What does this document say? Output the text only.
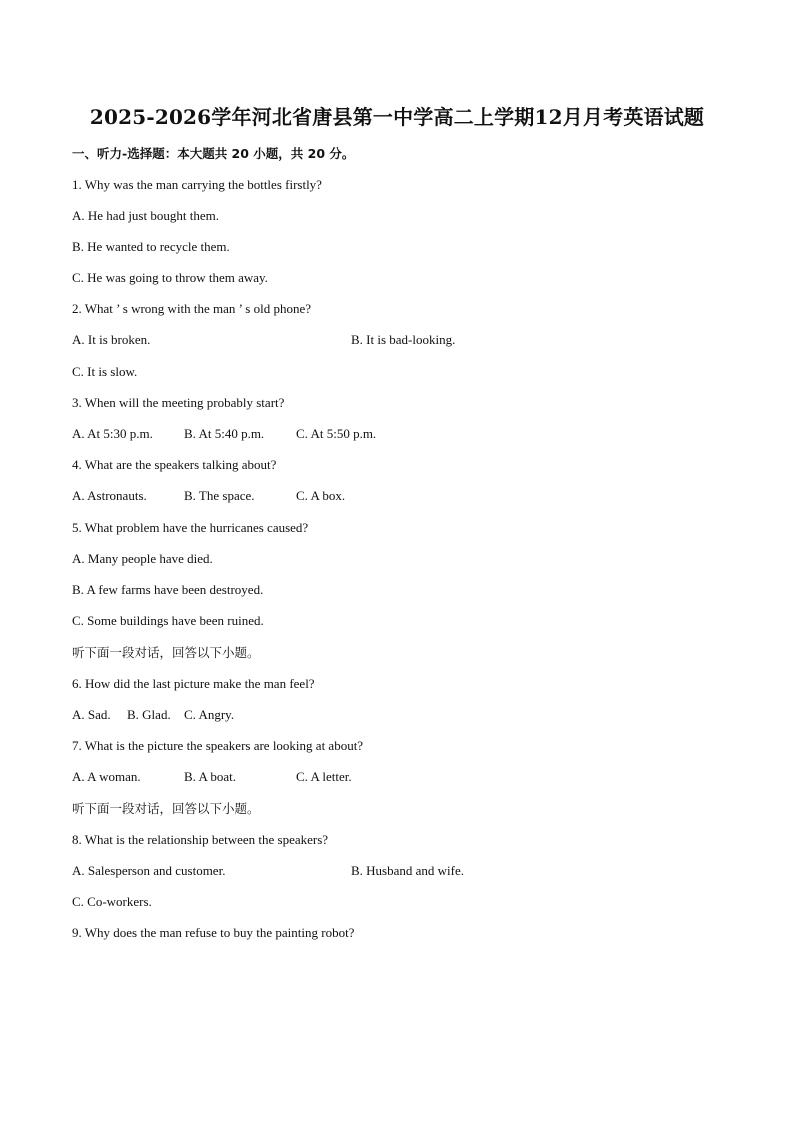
2025-2026学年河北省唐县第一中学高二上学期12月月考英语试题
一、听力-选择题：本大题共 20 小题，共 20 分。
1. Why was the man carrying the bottles firstly?
A. He had just bought them.
B. He wanted to recycle them.
C. He was going to throw them away.
2. What ’ s wrong with the man ’ s old phone?
A. It is broken.	B. It is bad-looking.
C. It is slow.
3. When will the meeting probably start?
A. At 5:30 p.m. B. At 5:40 p.m. C. At 5:50 p.m.
4. What are the speakers talking about?
A. Astronauts.	B. The space.	C. A box.
5. What problem have the hurricanes caused?
A. Many people have died.
B. A few farms have been destroyed.
C. Some buildings have been ruined.
听下面一段对话，回答以下小题。
6. How did the last picture make the man feel?
A. Sad. B. Glad. C. Angry.
7. What is the picture the speakers are looking at about?
A. A woman.	B. A boat.	C. A letter.
听下面一段对话，回答以下小题。
8. What is the relationship between the speakers?
A. Salesperson and customer.	B. Husband and wife.
C. Co-workers.
9. Why does the man refuse to buy the painting robot?
